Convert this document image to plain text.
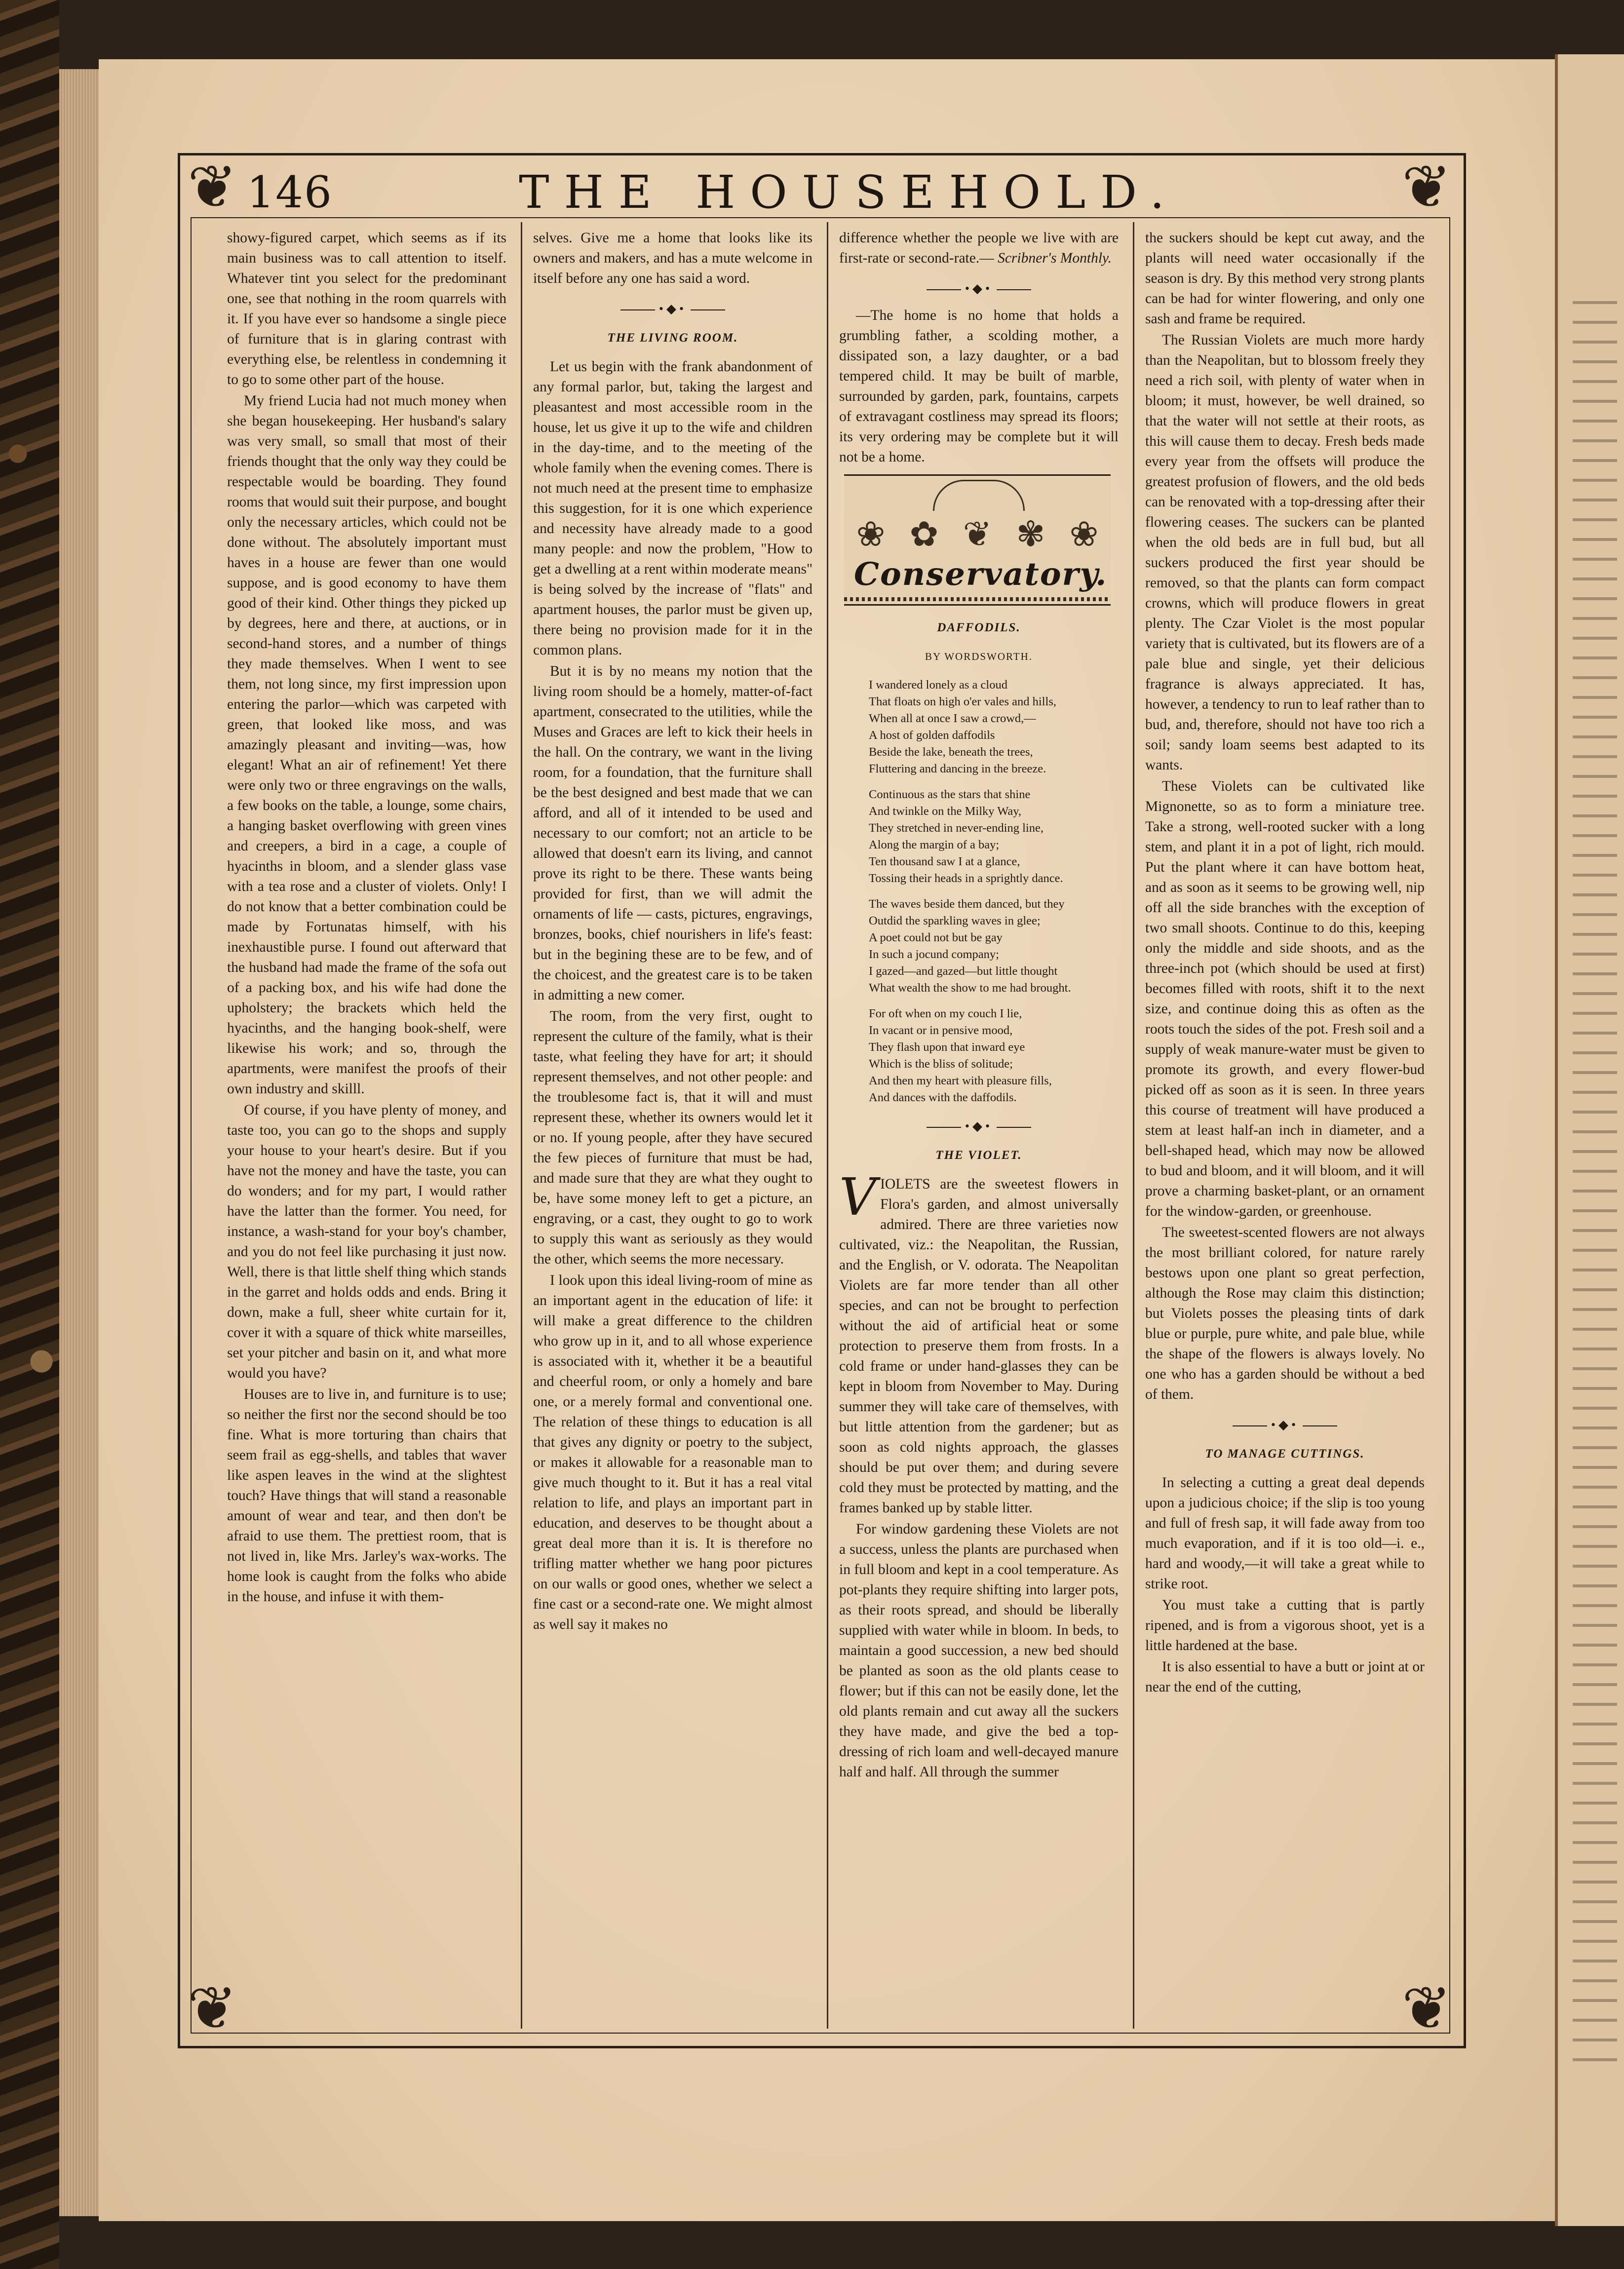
❦	❦
❦	❦
146	THE HOUSEHOLD.

showy-figured carpet, which seems as if its main business was to call attention to itself. Whatever tint you select for the predominant one, see that nothing in the room quarrels with it. If you have ever so handsome a single piece of furniture that is in glaring contrast with everything else, be relentless in condemning it to go to some other part of the house.

My friend Lucia had not much money when she began housekeeping. Her husband's salary was very small, so small that most of their friends thought that the only way they could be respectable would be boarding. They found rooms that would suit their purpose, and bought only the necessary articles, which could not be done without. The absolutely important must haves in a house are fewer than one would suppose, and is good economy to have them good of their kind. Other things they picked up by degrees, here and there, at auctions, or in second-hand stores, and a number of things they made themselves. When I went to see them, not long since, my first impression upon entering the parlor—which was carpeted with green, that looked like moss, and was amazingly pleasant and inviting—was, how elegant! What an air of refinement! Yet there were only two or three engravings on the walls, a few books on the table, a lounge, some chairs, a hanging basket overflowing with green vines and creepers, a bird in a cage, a couple of hyacinths in bloom, and a slender glass vase with a tea rose and a cluster of violets. Only! I do not know that a better combination could be made by Fortunatas himself, with his inexhaustible purse. I found out afterward that the husband had made the frame of the sofa out of a packing box, and his wife had done the upholstery; the brackets which held the hyacinths, and the hanging book-shelf, were likewise his work; and so, through the apartments, were manifest the proofs of their own industry and skilll.

Of course, if you have plenty of money, and taste too, you can go to the shops and supply your house to your heart's desire. But if you have not the money and have the taste, you can do wonders; and for my part, I would rather have the latter than the former. You need, for instance, a wash-stand for your boy's chamber, and you do not feel like purchasing it just now. Well, there is that little shelf thing which stands in the garret and holds odds and ends. Bring it down, make a full, sheer white curtain for it, cover it with a square of thick white marseilles, set your pitcher and basin on it, and what more would you have?

Houses are to live in, and furniture is to use; so neither the first nor the second should be too fine. What is more torturing than chairs that seem frail as egg-shells, and tables that waver like aspen leaves in the wind at the slightest touch? Have things that will stand a reasonable amount of wear and tear, and then don't be afraid to use them. The prettiest room, that is not lived in, like Mrs. Jarley's wax-works. The home look is caught from the folks who abide in the house, and infuse it with them-

selves. Give me a home that looks like its owners and makers, and has a mute welcome in itself before any one has said a word.

•◆•
THE LIVING ROOM.

Let us begin with the frank abandonment of any formal parlor, but, taking the largest and pleasantest and most accessible room in the house, let us give it up to the wife and children in the day-time, and to the meeting of the whole family when the evening comes. There is not much need at the present time to emphasize this suggestion, for it is one which experience and necessity have already made to a good many people: and now the problem, "How to get a dwelling at a rent within moderate means" is being solved by the increase of "flats" and apartment houses, the parlor must be given up, there being no provision made for it in the common plans.

But it is by no means my notion that the living room should be a homely, matter-of-fact apartment, consecrated to the utilities, while the Muses and Graces are left to kick their heels in the hall. On the contrary, we want in the living room, for a foundation, that the furniture shall be the best designed and best made that we can afford, and all of it intended to be used and necessary to our comfort; not an article to be allowed that doesn't earn its living, and cannot prove its right to be there. These wants being provided for first, than we will admit the ornaments of life — casts, pictures, engravings, bronzes, books, chief nourishers in life's feast: but in the begining these are to be few, and of the choicest, and the greatest care is to be taken in admitting a new comer.

The room, from the very first, ought to represent the culture of the family, what is their taste, what feeling they have for art; it should represent themselves, and not other people: and the troublesome fact is, that it will and must represent these, whether its owners would let it or no. If young people, after they have secured the few pieces of furniture that must be had, and made sure that they are what they ought to be, have some money left to get a picture, an engraving, or a cast, they ought to go to work to supply this want as seriously as they would the other, which seems the more necessary.

I look upon this ideal living-room of mine as an important agent in the education of life: it will make a great difference to the children who grow up in it, and to all whose experience is associated with it, whether it be a beautiful and cheerful room, or only a homely and bare one, or a merely formal and conventional one. The relation of these things to education is all that gives any dignity or poetry to the subject, or makes it allowable for a reasonable man to give much thought to it. But it has a real vital relation to life, and plays an important part in education, and deserves to be thought about a great deal more than it is. It is therefore no trifling matter whether we hang poor pictures on our walls or good ones, whether we select a fine cast or a second-rate one. We might almost as well say it makes no

difference whether the people we live with are first-rate or second-rate.— Scribner's Monthly.

•◆•

—The home is no home that holds a grumbling father, a scolding mother, a dissipated son, a lazy daughter, or a bad tempered child. It may be built of marble, surrounded by garden, park, fountains, carpets of extravagant costliness may spread its floors; its very ordering may be complete but it will not be a home.

❀ ✿ ❦ ✾ ❀
Conservatory.
DAFFODILS.
BY WORDSWORTH.
I wandered lonely as a cloud
That floats on high o'er vales and hills,
When all at once I saw a crowd,—
A host of golden daffodils
Beside the lake, beneath the trees,
Fluttering and dancing in the breeze.
Continuous as the stars that shine
And twinkle on the Milky Way,
They stretched in never-ending line,
Along the margin of a bay;
Ten thousand saw I at a glance,
Tossing their heads in a sprightly dance.
The waves beside them danced, but they
Outdid the sparkling waves in glee;
A poet could not but be gay
In such a jocund company;
I gazed—and gazed—but little thought
What wealth the show to me had brought.
For oft when on my couch I lie,
In vacant or in pensive mood,
They flash upon that inward eye
Which is the bliss of solitude;
And then my heart with pleasure fills,
And dances with the daffodils.
•◆•
THE VIOLET.

VIOLETS are the sweetest flowers in Flora's garden, and almost universally admired. There are three varieties now cultivated, viz.: the Neapolitan, the Russian, and the English, or V. odorata. The Neapolitan Violets are far more tender than all other species, and can not be brought to perfection without the aid of artificial heat or some protection to preserve them from frosts. In a cold frame or under hand-glasses they can be kept in bloom from November to May. During summer they will take care of themselves, with but little attention from the gardener; but as soon as cold nights approach, the glasses should be put over them; and during severe cold they must be protected by matting, and the frames banked up by stable litter.

For window gardening these Violets are not a success, unless the plants are purchased when in full bloom and kept in a cool temperature. As pot-plants they require shifting into larger pots, as their roots spread, and should be liberally supplied with water while in bloom. In beds, to maintain a good succession, a new bed should be planted as soon as the old plants cease to flower; but if this can not be easily done, let the old plants remain and cut away all the suckers they have made, and give the bed a top-dressing of rich loam and well-decayed manure half and half. All through the summer

the suckers should be kept cut away, and the plants will need water occasionally if the season is dry. By this method very strong plants can be had for winter flowering, and only one sash and frame be required.

The Russian Violets are much more hardy than the Neapolitan, but to blossom freely they need a rich soil, with plenty of water when in bloom; it must, however, be well drained, so that the water will not settle at their roots, as this will cause them to decay. Fresh beds made every year from the offsets will produce the greatest profusion of flowers, and the old beds can be renovated with a top-dressing after their flowering ceases. The suckers can be planted when the old beds are in full bud, but all suckers produced the first year should be removed, so that the plants can form compact crowns, which will produce flowers in great plenty. The Czar Violet is the most popular variety that is cultivated, but its flowers are of a pale blue and single, yet their delicious fragrance is always appreciated. It has, however, a tendency to run to leaf rather than to bud, and, therefore, should not have too rich a soil; sandy loam seems best adapted to its wants.

These Violets can be cultivated like Mignonette, so as to form a miniature tree. Take a strong, well-rooted sucker with a long stem, and plant it in a pot of light, rich mould. Put the plant where it can have bottom heat, and as soon as it seems to be growing well, nip off all the side branches with the exception of two small shoots. Continue to do this, keeping only the middle and side shoots, and as the three-inch pot (which should be used at first) becomes filled with roots, shift it to the next size, and continue doing this as often as the roots touch the sides of the pot. Fresh soil and a supply of weak manure-water must be given to promote its growth, and every flower-bud picked off as soon as it is seen. In three years this course of treatment will have produced a stem at least half-an inch in diameter, and a bell-shaped head, which may now be allowed to bud and bloom, and it will bloom, and it will prove a charming basket-plant, or an ornament for the window-garden, or greenhouse.

The sweetest-scented flowers are not always the most brilliant colored, for nature rarely bestows upon one plant so great perfection, although the Rose may claim this distinction; but Violets posses the pleasing tints of dark blue or purple, pure white, and pale blue, while the shape of the flowers is always lovely. No one who has a garden should be without a bed of them.

•◆•
TO MANAGE CUTTINGS.

In selecting a cutting a great deal depends upon a judicious choice; if the slip is too young and full of fresh sap, it will fade away from too much evaporation, and if it is too old—i. e., hard and woody,—it will take a great while to strike root.

You must take a cutting that is partly ripened, and is from a vigorous shoot, yet is a little hardened at the base.

It is also essential to have a butt or joint at or near the end of the cutting,
